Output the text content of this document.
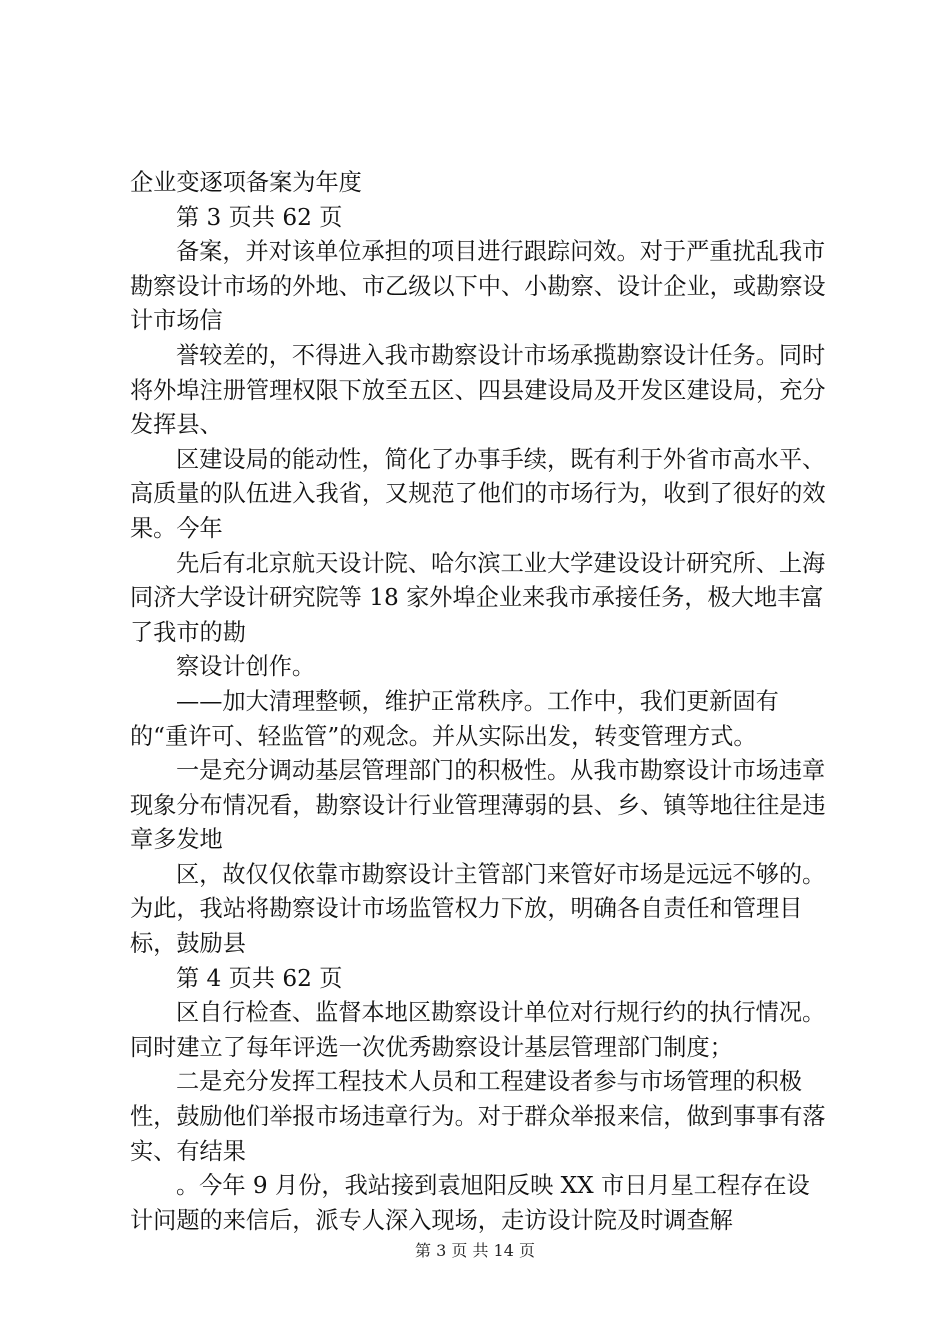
企业变逐项备案为年度

第 3 页共 62 页

备案，并对该单位承担的项目进行跟踪问效。对于严重扰乱我市勘察设计市场的外地、市乙级以下中、小勘察、设计企业，或勘察设计市场信

誉较差的，不得进入我市勘察设计市场承揽勘察设计任务。同时将外埠注册管理权限下放至五区、四县建设局及开发区建设局，充分发挥县、

区建设局的能动性，简化了办事手续，既有利于外省市高水平、高质量的队伍进入我省，又规范了他们的市场行为，收到了很好的效果。今年

先后有北京航天设计院、哈尔滨工业大学建设设计研究所、上海同济大学设计研究院等 18 家外埠企业来我市承接任务，极大地丰富了我市的勘

察设计创作。

——加大清理整顿，维护正常秩序。工作中，我们更新固有的“重许可、轻监管”的观念。并从实际出发，转变管理方式。

一是充分调动基层管理部门的积极性。从我市勘察设计市场违章现象分布情况看，勘察设计行业管理薄弱的县、乡、镇等地往往是违章多发地

区，故仅仅依靠市勘察设计主管部门来管好市场是远远不够的。为此，我站将勘察设计市场监管权力下放，明确各自责任和管理目标，鼓励县

第 4 页共 62 页

区自行检查、监督本地区勘察设计单位对行规行约的执行情况。同时建立了每年评选一次优秀勘察设计基层管理部门制度；

二是充分发挥工程技术人员和工程建设者参与市场管理的积极性，鼓励他们举报市场违章行为。对于群众举报来信，做到事事有落实、有结果

。今年 9 月份，我站接到袁旭阳反映 XX 市日月星工程存在设计问题的来信后，派专人深入现场，走访设计院及时调查解

第 3 页 共 14 页
